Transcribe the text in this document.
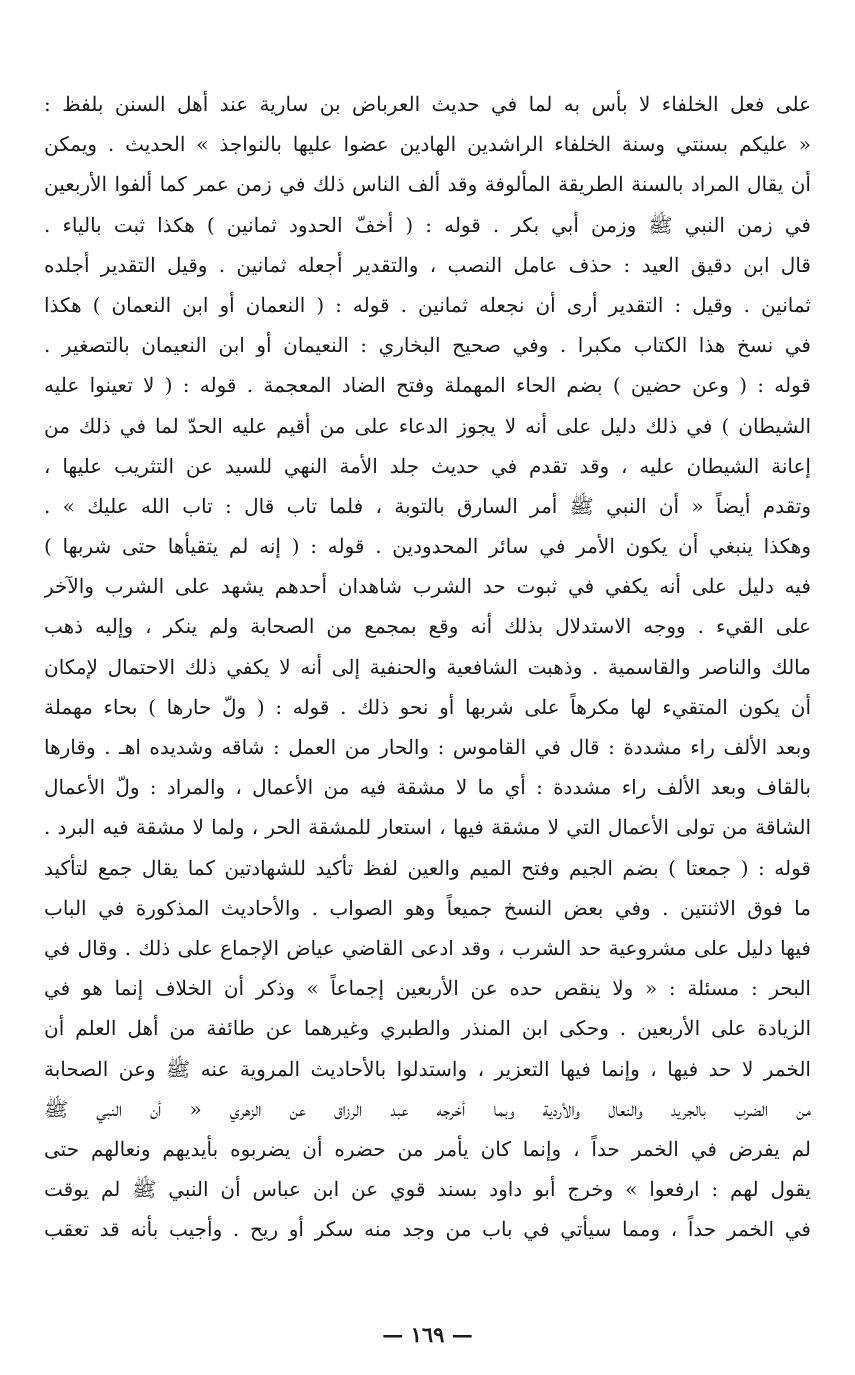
على فعل الخلفاء لا بأس به لما في حديث العرباض بن سارية عند أهل السنن بلفظ :
« عليكم بسنتي وسنة الخلفاء الراشدين الهادين عضوا عليها بالنواجذ » الحديث . ويمكن
أن يقال المراد بالسنة الطريقة المألوفة وقد ألف الناس ذلك في زمن عمر كما ألفوا الأربعين
في زمن النبي ﷺ وزمن أبي بكر . قوله : ( أخفّ الحدود ثمانين ) هكذا ثبت بالياء .
قال ابن دقيق العيد : حذف عامل النصب ، والتقدير أجعله ثمانين . وقيل التقدير أجلده
ثمانين . وقيل : التقدير أرى أن نجعله ثمانين . قوله : ( النعمان أو ابن النعمان ) هكذا
في نسخ هذا الكتاب مكبرا . وفي صحيح البخاري : النعيمان أو ابن النعيمان بالتصغير .
قوله : ( وعن حضين ) بضم الحاء المهملة وفتح الضاد المعجمة . قوله : ( لا تعينوا عليه
الشيطان ) في ذلك دليل على أنه لا يجوز الدعاء على من أقيم عليه الحدّ لما في ذلك من
إعانة الشيطان عليه ، وقد تقدم في حديث جلد الأمة النهي للسيد عن التثريب عليها ،
وتقدم أيضاً « أن النبي ﷺ أمر السارق بالتوبة ، فلما تاب قال : تاب الله عليك » .
وهكذا ينبغي أن يكون الأمر في سائر المحدودين . قوله : ( إنه لم يتقيأها حتى شربها )
فيه دليل على أنه يكفي في ثبوت حد الشرب شاهدان أحدهم يشهد على الشرب والآخر
على القيء . ووجه الاستدلال بذلك أنه وقع بمجمع من الصحابة ولم ينكر ، وإليه ذهب
مالك والناصر والقاسمية . وذهبت الشافعية والحنفية إلى أنه لا يكفي ذلك الاحتمال لإمكان
أن يكون المتقيء لها مكرهاً على شربها أو نحو ذلك . قوله : ( ولّ حارها ) بحاء مهملة
وبعد الألف راء مشددة : قال في القاموس : والحار من العمل : شاقه وشديده اهـ . وقارها
بالقاف وبعد الألف راء مشددة : أي ما لا مشقة فيه من الأعمال ، والمراد : ولّ الأعمال
الشاقة من تولى الأعمال التي لا مشقة فيها ، استعار للمشقة الحر ، ولما لا مشقة فيه البرد .
قوله : ( جمعتا ) بضم الجيم وفتح الميم والعين لفظ تأكيد للشهادتين كما يقال جمع لتأكيد
ما فوق الاثنتين . وفي بعض النسخ جميعاً وهو الصواب . والأحاديث المذكورة في الباب
فيها دليل على مشروعية حد الشرب ، وقد ادعى القاضي عياض الإجماع على ذلك . وقال في
البحر : مسئلة : « ولا ينقص حده عن الأربعين إجماعاً » وذكر أن الخلاف إنما هو في
الزيادة على الأربعين . وحكى ابن المنذر والطبري وغيرهما عن طائفة من أهل العلم أن
الخمر لا حد فيها ، وإنما فيها التعزير ، واستدلوا بالأحاديث المروية عنه ﷺ وعن الصحابة
من الضرب بالجريد والنعال والأردية وبما أخرجه عبد الرزاق عن الزهري « أن النبي ﷺ
لم يفرض في الخمر حداً ، وإنما كان يأمر من حضره أن يضربوه بأيديهم ونعالهم حتى
يقول لهم : ارفعوا » وخرج أبو داود بسند قوي عن ابن عباس أن النبي ﷺ لم يوقت
في الخمر حداً ، ومما سيأتي في باب من وجد منه سكر أو ريح . وأجيب بأنه قد تعقب
— ١٦٩ —
